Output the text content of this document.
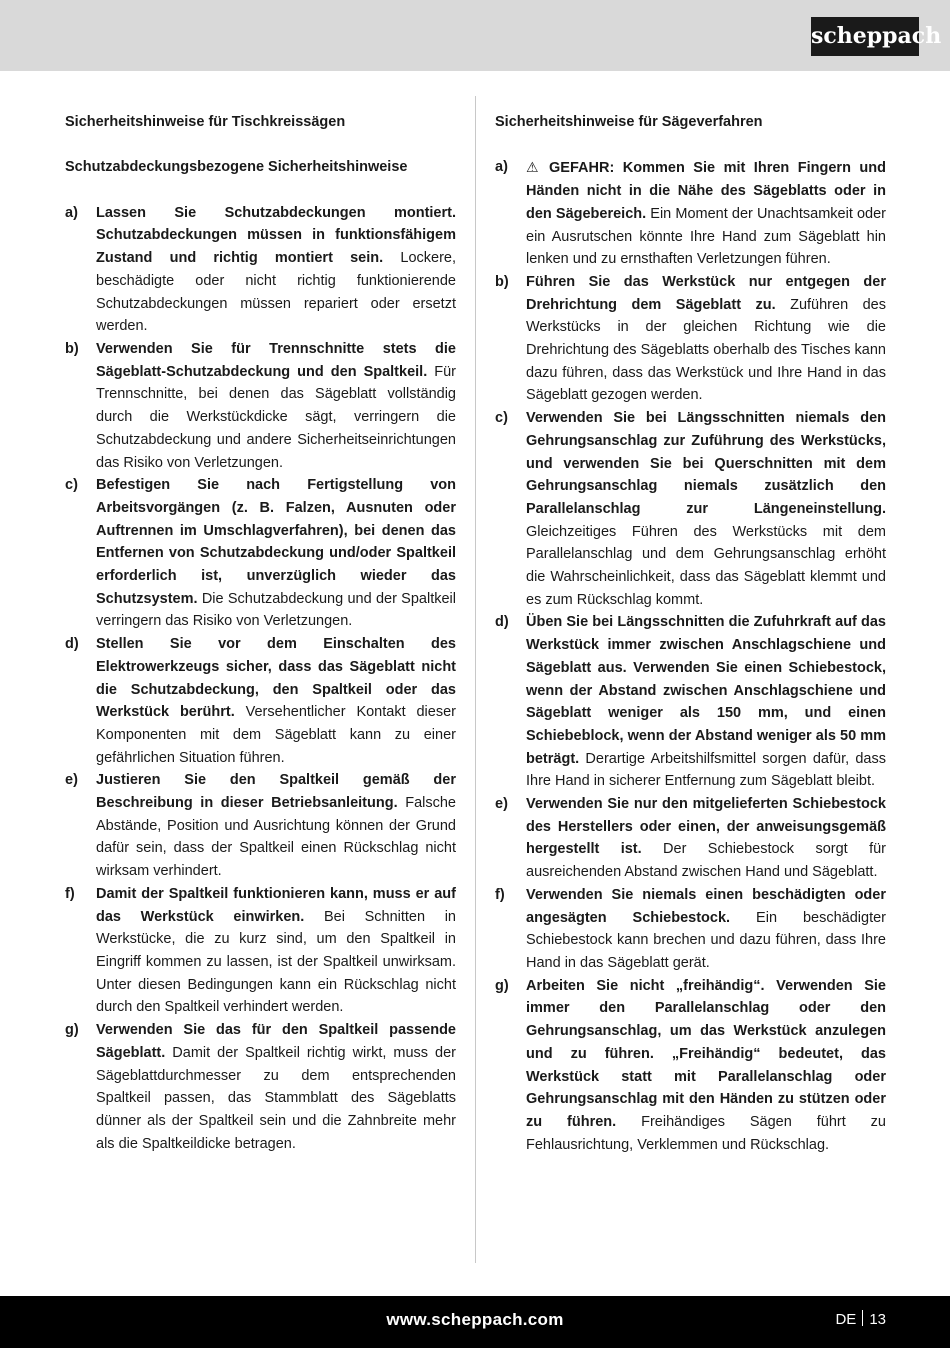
scheppach

Sicherheitshinweise für Tischkreissägen

Schutzabdeckungsbezogene Sicherheitshinweise

a)	Lassen Sie Schutzabdeckungen montiert. Schutzabdeckungen müssen in funktionsfähigem Zustand und richtig montiert sein. Lockere, beschädigte oder nicht richtig funktionierende Schutzabdeckungen müssen repariert oder ersetzt werden.
b)	Verwenden Sie für Trennschnitte stets die Sägeblatt-Schutzabdeckung und den Spaltkeil. Für Trennschnitte, bei denen das Sägeblatt vollständig durch die Werkstückdicke sägt, verringern die Schutzabdeckung und andere Sicherheitseinrichtungen das Risiko von Verletzungen.
c)	Befestigen Sie nach Fertigstellung von Arbeitsvorgängen (z. B. Falzen, Ausnuten oder Auftrennen im Umschlagverfahren), bei denen das Entfernen von Schutzabdeckung und/oder Spaltkeil erforderlich ist, unverzüglich wieder das Schutzsystem. Die Schutzabdeckung und der Spaltkeil verringern das Risiko von Verletzungen.
d)	Stellen Sie vor dem Einschalten des Elektrowerkzeugs sicher, dass das Sägeblatt nicht die Schutzabdeckung, den Spaltkeil oder das Werkstück berührt. Versehentlicher Kontakt dieser Komponenten mit dem Sägeblatt kann zu einer gefährlichen Situation führen.
e)	Justieren Sie den Spaltkeil gemäß der Beschreibung in dieser Betriebsanleitung. Falsche Abstände, Position und Ausrichtung können der Grund dafür sein, dass der Spaltkeil einen Rückschlag nicht wirksam verhindert.
f)	Damit der Spaltkeil funktionieren kann, muss er auf das Werkstück einwirken. Bei Schnitten in Werkstücke, die zu kurz sind, um den Spaltkeil in Eingriff kommen zu lassen, ist der Spaltkeil unwirksam. Unter diesen Bedingungen kann ein Rückschlag nicht durch den Spaltkeil verhindert werden.
g)	Verwenden Sie das für den Spaltkeil passende Sägeblatt. Damit der Spaltkeil richtig wirkt, muss der Sägeblattdurchmesser zu dem entsprechenden Spaltkeil passen, das Stammblatt des Sägeblatts dünner als der Spaltkeil sein und die Zahnbreite mehr als die Spaltkeildicke betragen.

Sicherheitshinweise für Sägeverfahren

a)	⚠ GEFAHR: Kommen Sie mit Ihren Fingern und Händen nicht in die Nähe des Sägeblatts oder in den Sägebereich. Ein Moment der Unachtsamkeit oder ein Ausrutschen könnte Ihre Hand zum Sägeblatt hin lenken und zu ernsthaften Verletzungen führen.
b)	Führen Sie das Werkstück nur entgegen der Drehrichtung dem Sägeblatt zu. Zuführen des Werkstücks in der gleichen Richtung wie die Drehrichtung des Sägeblatts oberhalb des Tisches kann dazu führen, dass das Werkstück und Ihre Hand in das Sägeblatt gezogen werden.
c)	Verwenden Sie bei Längsschnitten niemals den Gehrungsanschlag zur Zuführung des Werkstücks, und verwenden Sie bei Querschnitten mit dem Gehrungsanschlag niemals zusätzlich den Parallelanschlag zur Längeneinstellung. Gleichzeitiges Führen des Werkstücks mit dem Parallelanschlag und dem Gehrungsanschlag erhöht die Wahrscheinlichkeit, dass das Sägeblatt klemmt und es zum Rückschlag kommt.
d)	Üben Sie bei Längsschnitten die Zufuhrkraft auf das Werkstück immer zwischen Anschlagschiene und Sägeblatt aus. Verwenden Sie einen Schiebestock, wenn der Abstand zwischen Anschlagschiene und Sägeblatt weniger als 150 mm, und einen Schiebeblock, wenn der Abstand weniger als 50 mm beträgt. Derartige Arbeitshilfsmittel sorgen dafür, dass Ihre Hand in sicherer Entfernung zum Sägeblatt bleibt.
e)	Verwenden Sie nur den mitgelieferten Schiebestock des Herstellers oder einen, der anweisungsgemäß hergestellt ist. Der Schiebestock sorgt für ausreichenden Abstand zwischen Hand und Sägeblatt.
f)	Verwenden Sie niemals einen beschädigten oder angesägten Schiebestock. Ein beschädigter Schiebestock kann brechen und dazu führen, dass Ihre Hand in das Sägeblatt gerät.
g)	Arbeiten Sie nicht „freihändig“. Verwenden Sie immer den Parallelanschlag oder den Gehrungsanschlag, um das Werkstück anzulegen und zu führen. „Freihändig“ bedeutet, das Werkstück statt mit Parallelanschlag oder Gehrungsanschlag mit den Händen zu stützen oder zu führen. Freihändiges Sägen führt zu Fehlausrichtung, Verklemmen und Rückschlag.
www.scheppach.com	DE 13
